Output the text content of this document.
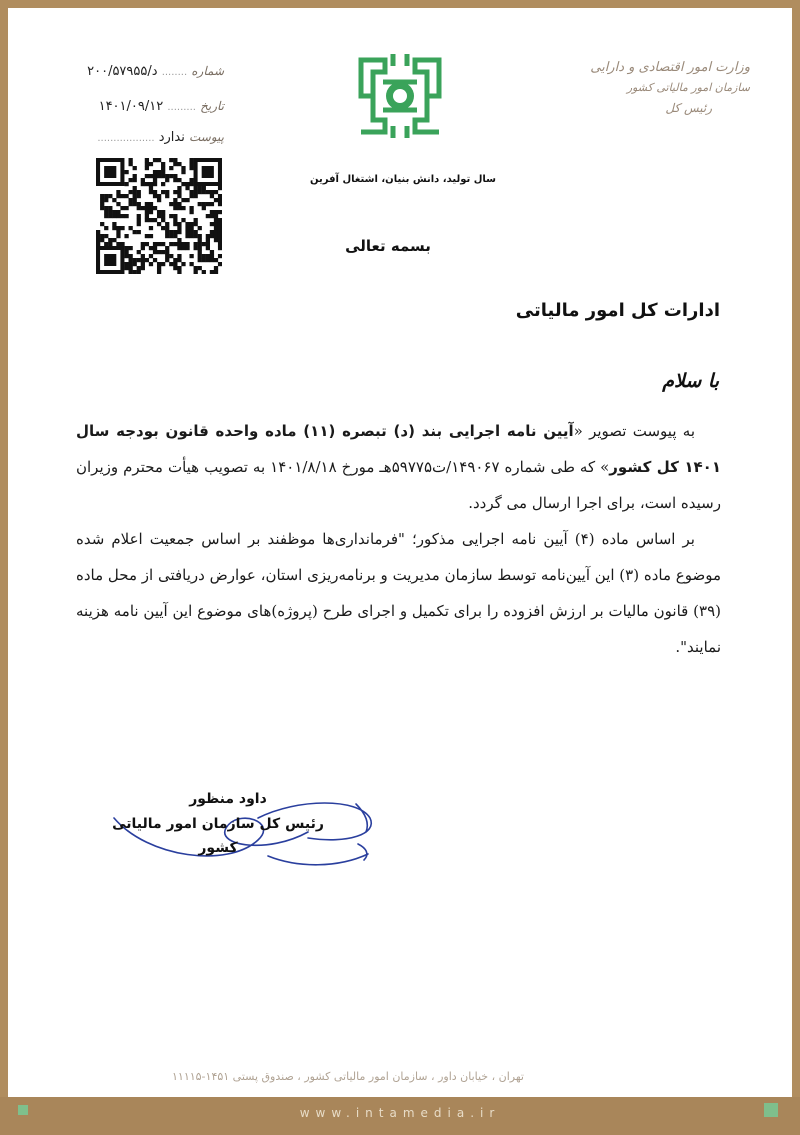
وزارت امور اقتصادی و دارایی
سازمان امور مالیاتی کشور
رئیس کل
شماره ........ د/۲۰۰/۵۷۹۵۵
تاریخ ......... ۱۴۰۱/۰۹/۱۲
پیوست ندارد ..................
سال تولید، دانش بنیان، اشتغال آفرین
بسمه تعالی
ادارات کل امور مالیاتی
با سلام

به پیوست تصویر «آیین نامه اجرایی بند (د) تبصره (۱۱) ماده واحده قانون بودجه سال ۱۴۰۱ کل کشور» که طی شماره ۱۴۹۰۶۷/ت۵۹۷۷۵هـ مورخ ۱۴۰۱/۸/۱۸ به تصویب هیأت محترم وزیران رسیده است، برای اجرا ارسال می گردد.

بر اساس ماده (۴) آیین نامه اجرایی مذکور؛ "فرمانداری‌ها موظفند بر اساس جمعیت اعلام شده موضوع ماده (۳) این آیین‌نامه توسط سازمان مدیریت و برنامه‌ریزی استان، عوارض دریافتی از محل ماده (۳۹) قانون مالیات بر ارزش افزوده را برای تکمیل و اجرای طرح (پروژه)های موضوع این آیین نامه هزینه نمایند".

داود منظور
رئیس کل سازمان امور مالیاتی کشور
تهران ، خیابان داور ، سازمان امور مالیاتی کشور ، صندوق پستی ۱۴۵۱-۱۱۱۱۵
www.intamedia.ir
